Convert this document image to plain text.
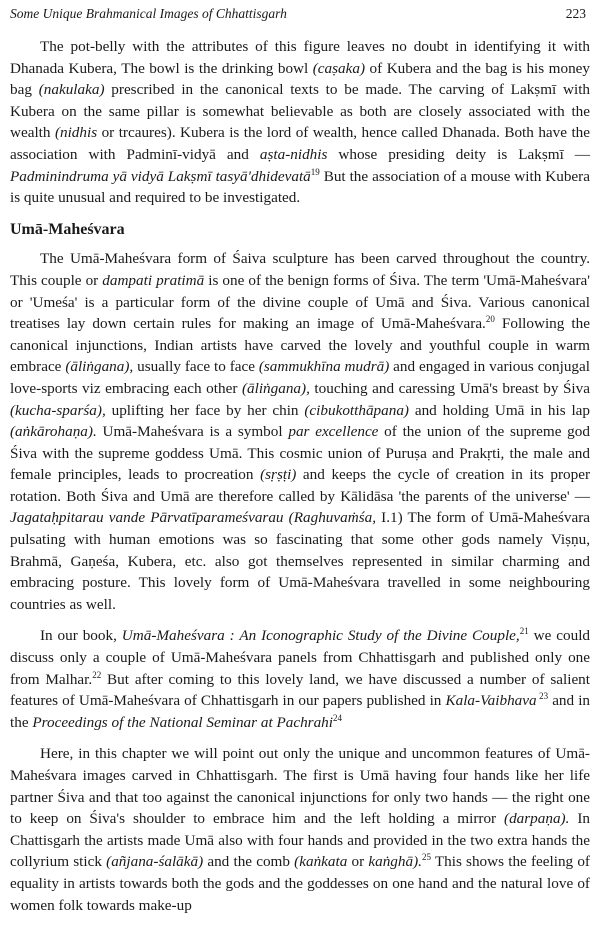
Some Unique Brahmanical Images of Chhattisgarh	223

The pot-belly with the attributes of this figure leaves no doubt in identifying it with Dhanada Kubera, The bowl is the drinking bowl (caṣaka) of Kubera and the bag is his money bag (nakulaka) prescribed in the canonical texts to be made. The carving of Lakṣmī with Kubera on the same pillar is somewhat believable as both are closely associated with the wealth (nidhis or trcaures). Kubera is the lord of wealth, hence called Dhanada. Both have the association with Padminī-vidyā and aṣta-nidhis whose presiding deity is Lakṣmī — Padminindruma yā vidyā Lakṣmī tasyā'dhidevatā$^{19}$ But the association of a mouse with Kubera is quite unusual and required to be investigated.

Umā-Maheśvara

The Umā-Maheśvara form of Śaiva sculpture has been carved throughout the country. This couple or dampati pratimā is one of the benign forms of Śiva. The term 'Umā-Maheśvara' or 'Umeśa' is a particular form of the divine couple of Umā and Śiva. Various canonical treatises lay down certain rules for making an image of Umā-Maheśvara.$^{20}$ Following the canonical injunctions, Indian artists have carved the lovely and youthful couple in warm embrace (āliṅgana), usually face to face (sammukhīna mudrā) and engaged in various conjugal love-sports viz embracing each other (āliṅgana), touching and caressing Umā's breast by Śiva (kucha-sparśa), uplifting her face by her chin (cibukotthāpana) and holding Umā in his lap (aṅkārohaṇa). Umā-Maheśvara is a symbol par excellence of the union of the supreme god Śiva with the supreme goddess Umā. This cosmic union of Puruṣa and Prakṛti, the male and female principles, leads to procreation (sṛṣṭi) and keeps the cycle of creation in its proper rotation. Both Śiva and Umā are therefore called by Kālidāsa 'the parents of the universe' — Jagataḥpitarau vande Pārvatīparameśvarau (Raghuvaṁśa, I.1) The form of Umā-Maheśvara pulsating with human emotions was so fascinating that some other gods namely Viṣṇu, Brahmā, Gaṇeśa, Kubera, etc. also got themselves represented in similar charming and embracing posture. This lovely form of Umā-Maheśvara travelled in some neighbouring countries as well.

In our book, Umā-Maheśvara : An Iconographic Study of the Divine Couple,$^{21}$ we could discuss only a couple of Umā-Maheśvara panels from Chhattisgarh and published only one from Malhar.$^{22}$ But after coming to this lovely land, we have discussed a number of salient features of Umā-Maheśvara of Chhattisgarh in our papers published in Kala-Vaibhava $^{23}$ and in the Proceedings of the National Seminar at Pachrahi$^{24}$

Here, in this chapter we will point out only the unique and uncommon features of Umā-Maheśvara images carved in Chhattisgarh. The first is Umā having four hands like her life partner Śiva and that too against the canonical injunctions for only two hands — the right one to keep on Śiva's shoulder to embrace him and the left holding a mirror (darpaṇa). In Chattisgarh the artists made Umā also with four hands and provided in the two extra hands the collyrium stick (añjana-śalākā) and the comb (kaṅkata or kaṅghā).$^{25}$ This shows the feeling of equality in artists towards both the gods and the goddesses on one hand and the natural love of women folk towards make-up
